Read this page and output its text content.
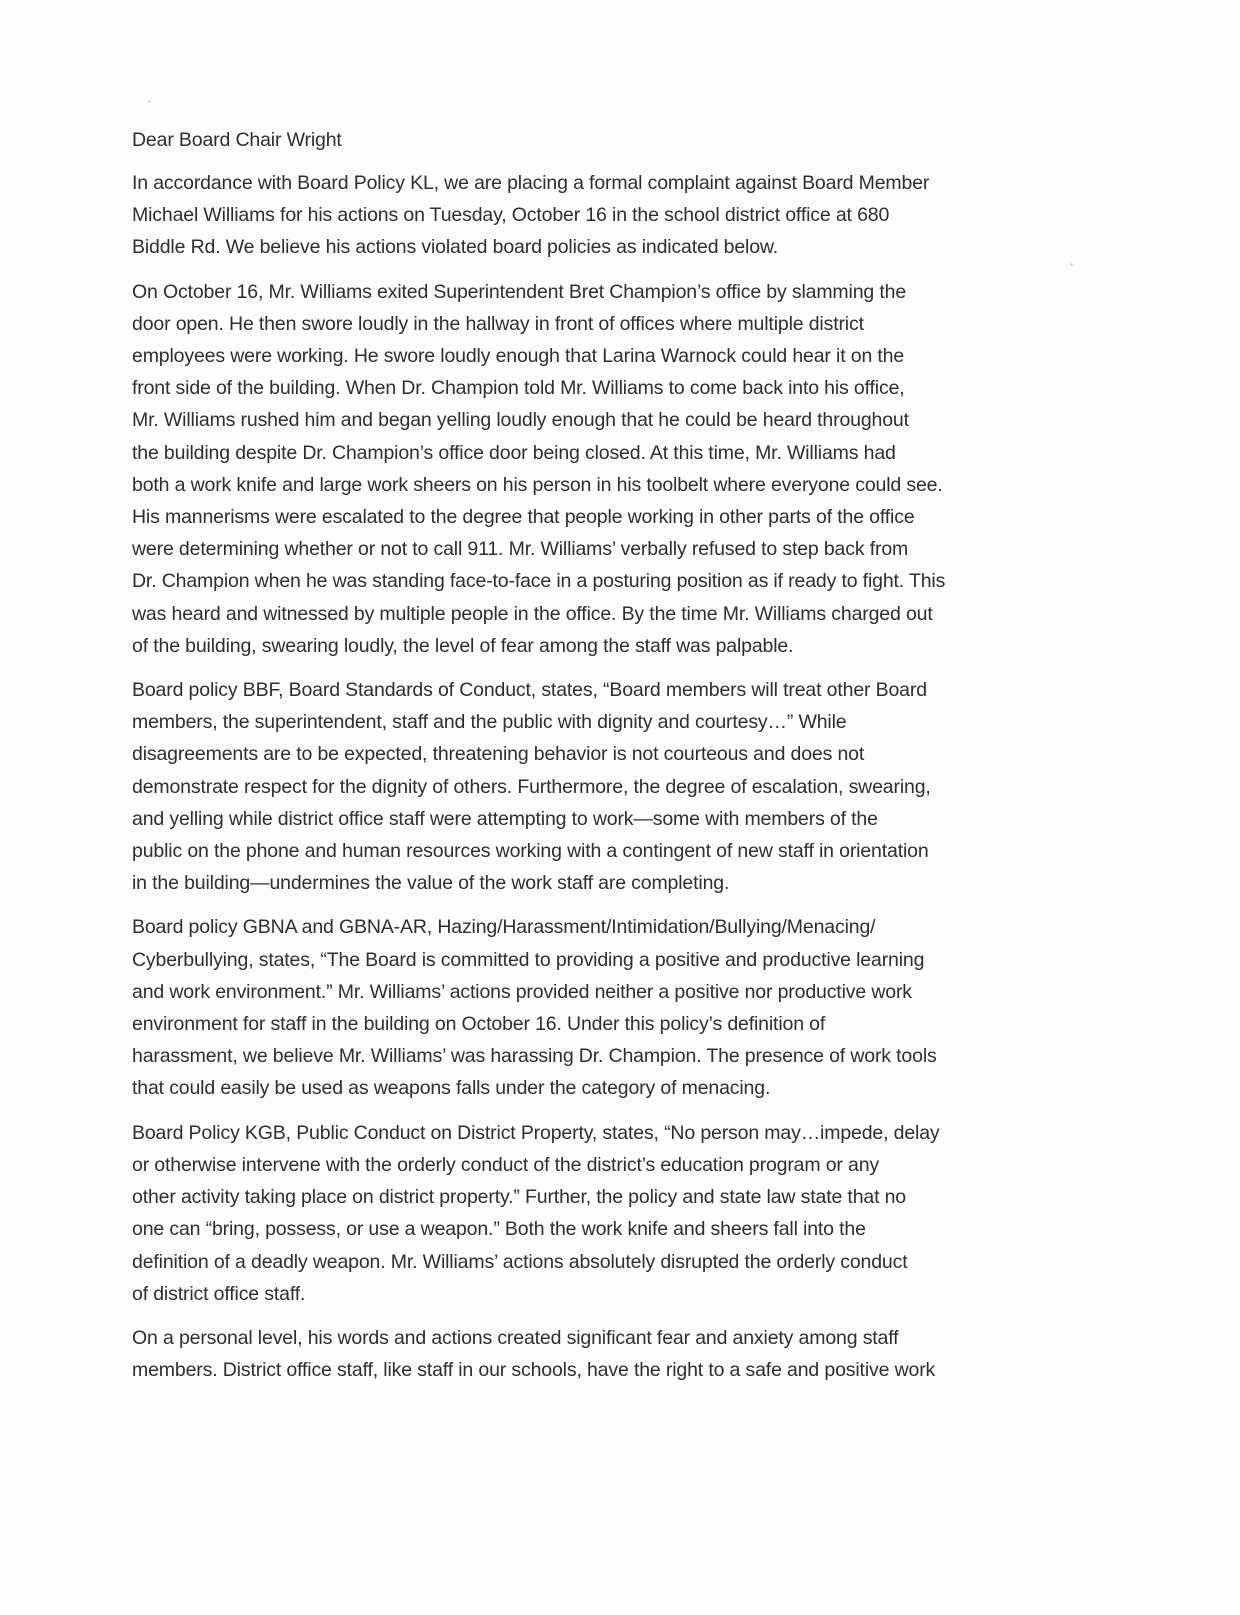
Dear Board Chair Wright

In accordance with Board Policy KL, we are placing a formal complaint against Board Member
Michael Williams for his actions on Tuesday, October 16 in the school district office at 680
Biddle Rd. We believe his actions violated board policies as indicated below.

On October 16, Mr. Williams exited Superintendent Bret Champion’s office by slamming the
door open. He then swore loudly in the hallway in front of offices where multiple district
employees were working. He swore loudly enough that Larina Warnock could hear it on the
front side of the building. When Dr. Champion told Mr. Williams to come back into his office,
Mr. Williams rushed him and began yelling loudly enough that he could be heard throughout
the building despite Dr. Champion’s office door being closed. At this time, Mr. Williams had
both a work knife and large work sheers on his person in his toolbelt where everyone could see.
His mannerisms were escalated to the degree that people working in other parts of the office
were determining whether or not to call 911. Mr. Williams’ verbally refused to step back from
Dr. Champion when he was standing face-to-face in a posturing position as if ready to fight. This
was heard and witnessed by multiple people in the office. By the time Mr. Williams charged out
of the building, swearing loudly, the level of fear among the staff was palpable.

Board policy BBF, Board Standards of Conduct, states, “Board members will treat other Board
members, the superintendent, staff and the public with dignity and courtesy…” While
disagreements are to be expected, threatening behavior is not courteous and does not
demonstrate respect for the dignity of others. Furthermore, the degree of escalation, swearing,
and yelling while district office staff were attempting to work—some with members of the
public on the phone and human resources working with a contingent of new staff in orientation
in the building—undermines the value of the work staff are completing.

Board policy GBNA and GBNA-AR, Hazing/Harassment/Intimidation/Bullying/Menacing/
Cyberbullying, states, “The Board is committed to providing a positive and productive learning
and work environment.” Mr. Williams’ actions provided neither a positive nor productive work
environment for staff in the building on October 16. Under this policy’s definition of
harassment, we believe Mr. Williams’ was harassing Dr. Champion. The presence of work tools
that could easily be used as weapons falls under the category of menacing.

Board Policy KGB, Public Conduct on District Property, states, “No person may…impede, delay
or otherwise intervene with the orderly conduct of the district’s education program or any
other activity taking place on district property.” Further, the policy and state law state that no
one can “bring, possess, or use a weapon.” Both the work knife and sheers fall into the
definition of a deadly weapon. Mr. Williams’ actions absolutely disrupted the orderly conduct
of district office staff.

On a personal level, his words and actions created significant fear and anxiety among staff
members. District office staff, like staff in our schools, have the right to a safe and positive work
